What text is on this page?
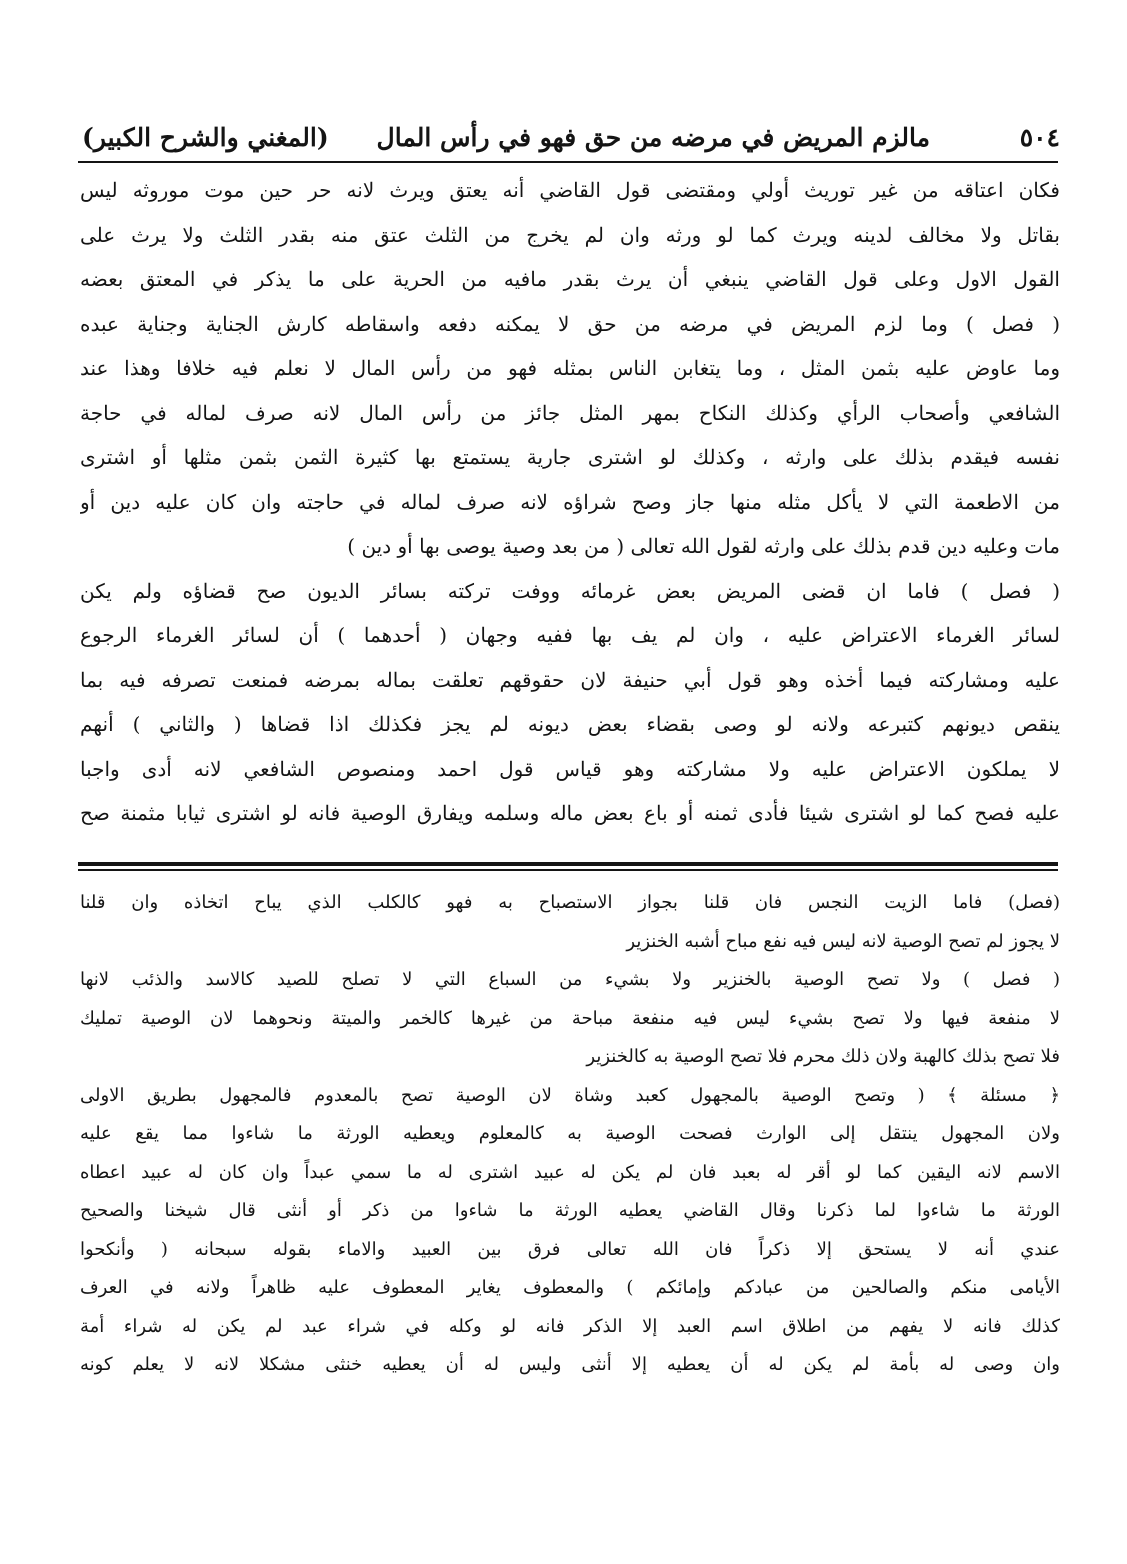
٥٠٤
مالزم المريض في مرضه من حق فهو في رأس المال
(المغني والشرح الكبير)
فكان اعتاقه من غير توريث أولي ومقتضى قول القاضي أنه يعتق ويرث لانه حر حين موت موروثه ليس
بقاتل ولا مخالف لدينه ويرث كما لو ورثه وان لم يخرج من الثلث عتق منه بقدر الثلث ولا يرث على
القول الاول وعلى قول القاضي ينبغي أن يرث بقدر مافيه من الحرية على ما يذكر في المعتق بعضه
( فصل ) وما لزم المريض في مرضه من حق لا يمكنه دفعه واسقاطه كارش الجناية وجناية عبده
وما عاوض عليه بثمن المثل ، وما يتغابن الناس بمثله فهو من رأس المال لا نعلم فيه خلافا وهذا عند
الشافعي وأصحاب الرأي وكذلك النكاح بمهر المثل جائز من رأس المال لانه صرف لماله في حاجة
نفسه فيقدم بذلك على وارثه ، وكذلك لو اشترى جارية يستمتع بها كثيرة الثمن بثمن مثلها أو اشترى
من الاطعمة التي لا يأكل مثله منها جاز وصح شراؤه لانه صرف لماله في حاجته وان كان عليه دين أو
مات وعليه دين قدم بذلك على وارثه لقول الله تعالى ( من بعد وصية يوصى بها أو دين )
( فصل ) فاما ان قضى المريض بعض غرمائه ووفت تركته بسائر الديون صح قضاؤه ولم يكن
لسائر الغرماء الاعتراض عليه ، وان لم يف بها ففيه وجهان ( أحدهما ) أن لسائر الغرماء الرجوع
عليه ومشاركته فيما أخذه وهو قول أبي حنيفة لان حقوقهم تعلقت بماله بمرضه فمنعت تصرفه فيه بما
ينقص ديونهم كتبرعه ولانه لو وصى بقضاء بعض ديونه لم يجز فكذلك اذا قضاها ( والثاني ) أنهم
لا يملكون الاعتراض عليه ولا مشاركته وهو قياس قول احمد ومنصوص الشافعي لانه أدى واجبا
عليه فصح كما لو اشترى شيئا فأدى ثمنه أو باع بعض ماله وسلمه ويفارق الوصية فانه لو اشترى ثيابا مثمنة صح
(فصل) فاما الزيت النجس فان قلنا بجواز الاستصباح به فهو كالكلب الذي يباح اتخاذه وان قلنا
لا يجوز لم تصح الوصية لانه ليس فيه نفع مباح أشبه الخنزير
( فصل ) ولا تصح الوصية بالخنزير ولا بشيء من السباع التي لا تصلح للصيد كالاسد والذئب لانها
لا منفعة فيها ولا تصح بشيء ليس فيه منفعة مباحة من غيرها كالخمر والميتة ونحوهما لان الوصية تمليك
فلا تصح بذلك كالهبة ولان ذلك محرم فلا تصح الوصية به كالخنزير
﴿ مسئلة ﴾ ( وتصح الوصية بالمجهول كعبد وشاة لان الوصية تصح بالمعدوم فالمجهول بطريق الاولى
ولان المجهول ينتقل إلى الوارث فصحت الوصية به كالمعلوم ويعطيه الورثة ما شاءوا مما يقع عليه
الاسم لانه اليقين كما لو أقر له بعبد فان لم يكن له عبيد اشترى له ما سمي عبداً وان كان له عبيد اعطاه
الورثة ما شاءوا لما ذكرنا وقال القاضي يعطيه الورثة ما شاءوا من ذكر أو أنثى قال شيخنا والصحيح
عندي أنه لا يستحق إلا ذكراً فان الله تعالى فرق بين العبيد والاماء بقوله سبحانه ( وأنكحوا
الأيامى منكم والصالحين من عبادكم وإمائكم ) والمعطوف يغاير المعطوف عليه ظاهراً ولانه في العرف
كذلك فانه لا يفهم من اطلاق اسم العبد إلا الذكر فانه لو وكله في شراء عبد لم يكن له شراء أمة
وان وصى له بأمة لم يكن له أن يعطيه إلا أنثى وليس له أن يعطيه خنثى مشكلا لانه لا يعلم كونه
